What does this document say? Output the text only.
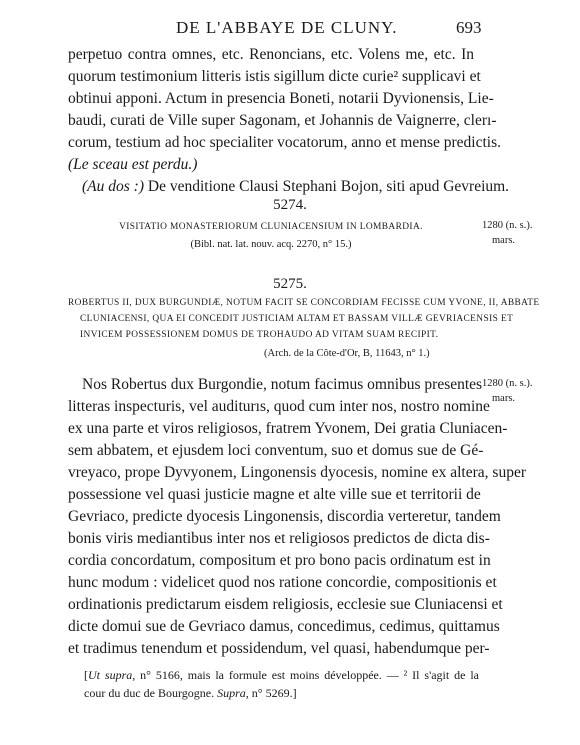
DE L'ABBAYE DE CLUNY.	693
perpetuo contra omnes, etc. Renoncians, etc. Volens me, etc. In
quorum testimonium litteris istis sigillum dicte curie² supplicavi et
obtinui apponi. Actum in presencia Boneti, notarii Dyvionensis, Lie-
baudi, curati de Ville super Sagonam, et Johannis de Vaignerre, clerı-
corum, testium ad hoc specialiter vocatorum, anno et mense predictis.
(Le sceau est perdu.)
(Au dos :) De venditione Clausi Stephani Bojon, siti apud Gevreium.
5274.
VISITATIO MONASTERIORUM CLUNIACENSIUM IN LOMBARDIA.
(Bibl. nat. lat. nouv. acq. 2270, n° 15.)
1280 (n. s.).
mars.
5275.
ROBERTUS II, DUX BURGUNDIÆ, NOTUM FACIT SE CONCORDIAM FECISSE CUM YVONE, II, ABBATE
CLUNIACENSI, QUA EI CONCEDIT JUSTICIAM ALTAM ET BASSAM VILLÆ GEVRIACENSIS ET
INVICEM POSSESSIONEM DOMUS DE TROHAUDO AD VITAM SUAM RECIPIT.
(Arch. de la Côte-d'Or, B, 11643, n° 1.)
1280 (n. s.).
mars.
Nos Robertus dux Burgondie, notum facimus omnibus presentes
litteras inspecturis, vel auditurıs, quod cum inter nos, nostro nomine
ex una parte et viros religiosos, fratrem Yvonem, Dei gratia Cluniacen-
sem abbatem, et ejusdem loci conventum, suo et domus sue de Gé-
vreyaco, prope Dyvyonem, Lingonensis dyocesis, nomine ex altera, super
possessione vel quasi justicie magne et alte ville sue et territorii de
Gevriaco, predicte dyocesis Lingonensis, discordia verteretur, tandem
bonis viris mediantibus inter nos et religiosos predictos de dicta dis-
cordia concordatum, compositum et pro bono pacis ordinatum est in
hunc modum : videlicet quod nos ratione concordie, compositionis et
ordinationis predictarum eisdem religiosis, ecclesie sue Cluniacensi et
dicte domui sue de Gevriaco damus, concedimus, cedimus, quittamus
et tradimus tenendum et possidendum, vel quasi, habendumque per-
[Ut supra, n° 5166, mais la formule est moins développée. — ² Il s'agit de la
cour du duc de Bourgogne. Supra, n° 5269.]
